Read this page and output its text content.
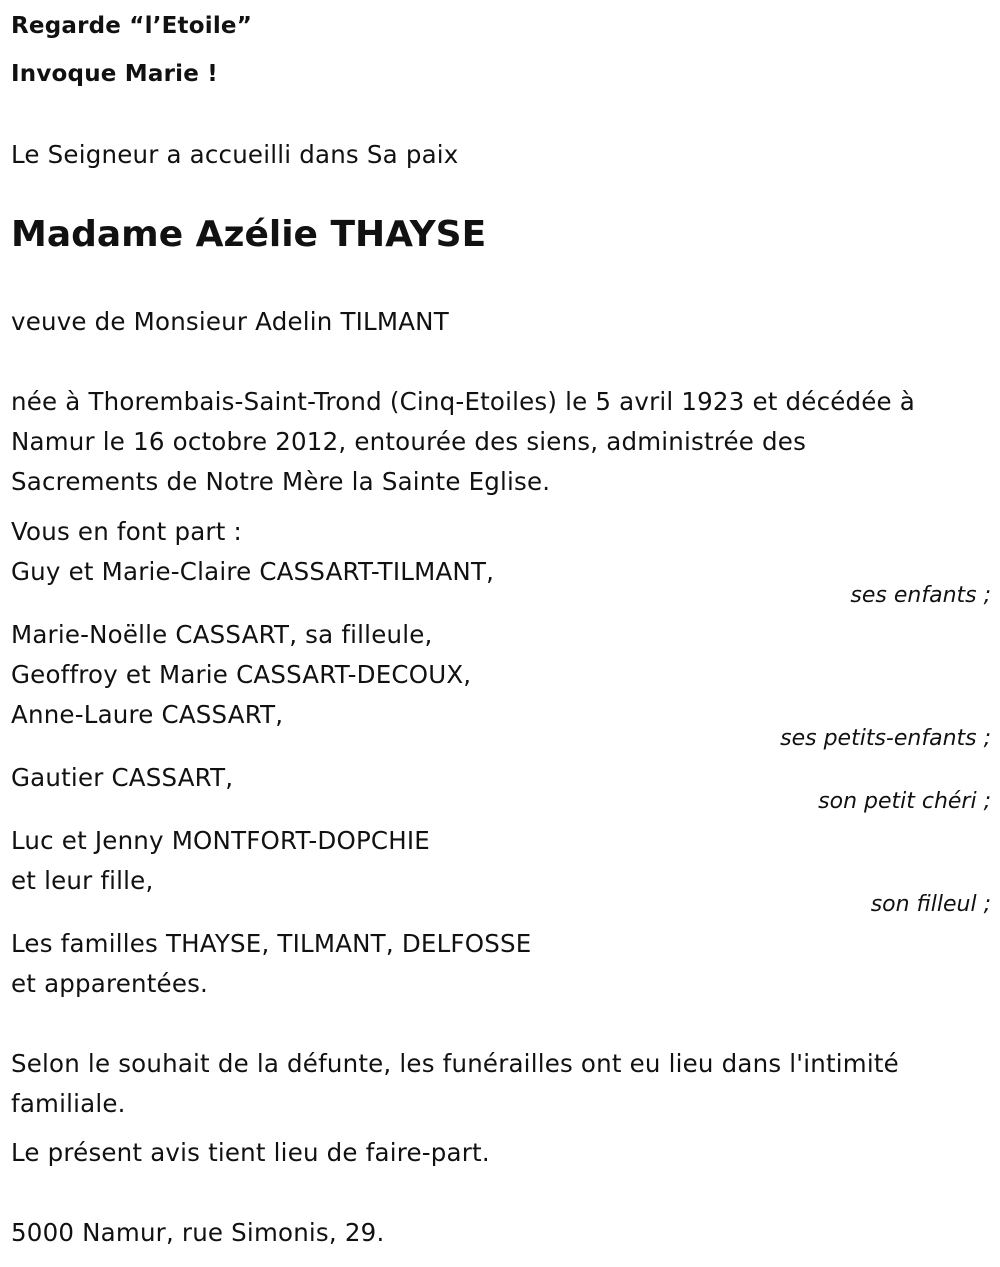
Regarde “l’Etoile”
Invoque Marie !
Le Seigneur a accueilli dans Sa paix
Madame Azélie THAYSE
veuve de Monsieur Adelin TILMANT
née à Thorembais-Saint-Trond (Cinq-Etoiles) le 5 avril 1923 et décédée à
Namur le 16 octobre 2012, entourée des siens, administrée des
Sacrements de Notre Mère la Sainte Eglise.
Vous en font part :
Guy et Marie-Claire CASSART-TILMANT,
ses enfants ;
Marie-Noëlle CASSART, sa filleule,
Geoffroy et Marie CASSART-DECOUX,
Anne-Laure CASSART,
ses petits-enfants ;
Gautier CASSART,
son petit chéri ;
Luc et Jenny MONTFORT-DOPCHIE
et leur fille,
son filleul ;
Les familles THAYSE, TILMANT, DELFOSSE
et apparentées.
Selon le souhait de la défunte, les funérailles ont eu lieu dans l'intimité
familiale.
Le présent avis tient lieu de faire-part.
5000 Namur, rue Simonis, 29.
